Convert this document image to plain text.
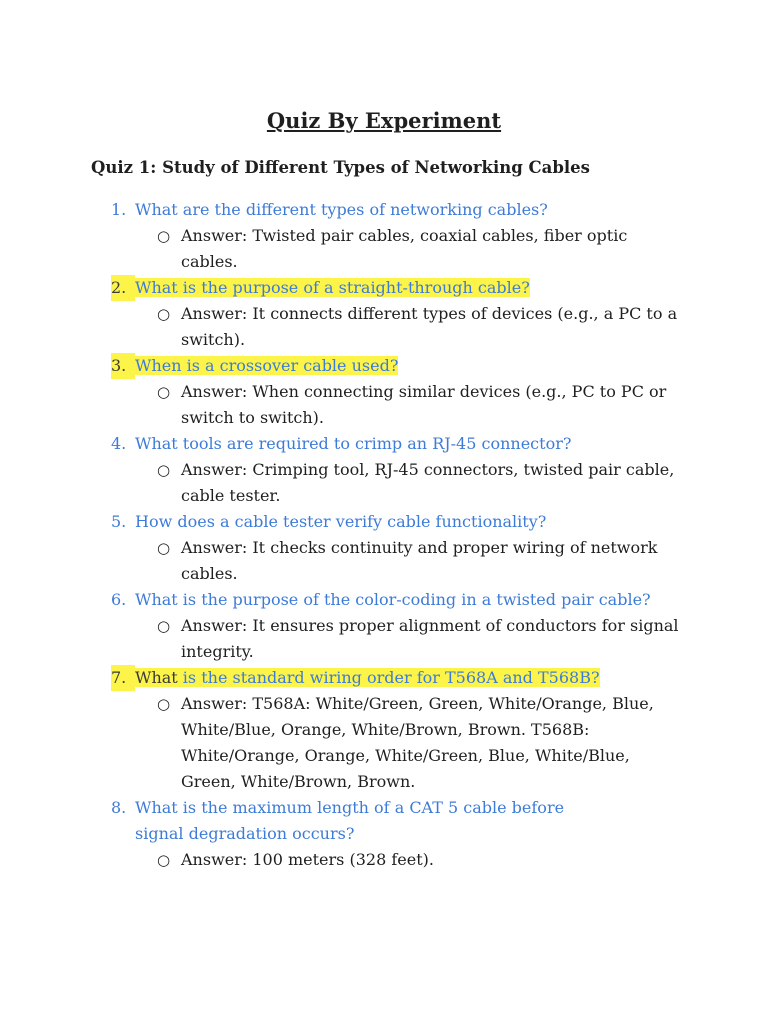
Quiz By Experiment
Quiz 1: Study of Different Types of Networking Cables
1. What are the different types of networking cables?
○ Answer: Twisted pair cables, coaxial cables, fiber optic cables.
2. What is the purpose of a straight-through cable?
○ Answer: It connects different types of devices (e.g., a PC to a switch).
3. When is a crossover cable used?
○ Answer: When connecting similar devices (e.g., PC to PC or switch to switch).
4. What tools are required to crimp an RJ-45 connector?
○ Answer: Crimping tool, RJ-45 connectors, twisted pair cable, cable tester.
5. How does a cable tester verify cable functionality?
○ Answer: It checks continuity and proper wiring of network cables.
6. What is the purpose of the color-coding in a twisted pair cable?
○ Answer: It ensures proper alignment of conductors for signal integrity.
7. What is the standard wiring order for T568A and T568B?
○ Answer: T568A: White/Green, Green, White/Orange, Blue, White/Blue, Orange, White/Brown, Brown. T568B: White/Orange, Orange, White/Green, Blue, White/Blue, Green, White/Brown, Brown.
8. What is the maximum length of a CAT 5 cable before signal degradation occurs?
○ Answer: 100 meters (328 feet).
